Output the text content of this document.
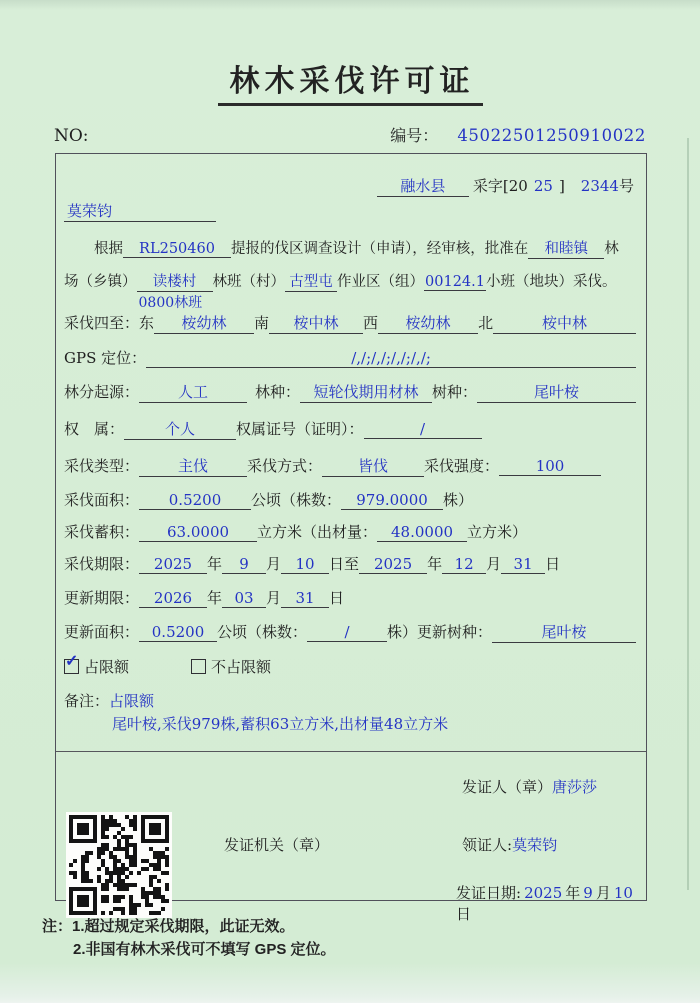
林木采伐许可证
NO:	编号： 45022501250910022
融水县	采字[20 25 ] 2344 号
莫荣钧
根据	RL250460	提报的伐区调查设计（申请），经审核，批准在	和睦镇	林
场（乡镇）	读楼村
0800林班
林班（村） 古型屯 作业区（组） 00124.1 小班（地块）采伐。
采伐四至： 东	桉幼林	南	桉中林	西	桉幼林	北	桉中林
GPS 定位：	/,/;/,/;/,/;/,/;
林分起源：	人工	林种： 短轮伐期用材林 树种：	尾叶桉
权　属：	个人	权属证号（证明）：	/
采伐类型：	主伐	采伐方式：	皆伐	采伐强度：	100
采伐面积：	0.5200	公顷（株数：	979.0000	株）
采伐蓄积：	63.0000	立方米（出材量： 48.0000 立方米）
采伐期限： 2025 年	9	月 10 日至 2025 年 12 月 31 日
更新期限： 2026 年 03 月 31 日
更新面积： 0.5200 公顷（株数：	/	株）更新树种：	尾叶桉
✓ 占限额	不占限额
备注： 占限额
尾叶桉,采伐979株,蓄积63立方米,出材量48立方米
发证人（章）唐莎莎
发证机关（章）	领证人:莫荣钧
发证日期: 2025 年 9 月 10日
注： 1.超过规定采伐期限，此证无效。
2.非国有林木采伐可不填写 GPS 定位。
